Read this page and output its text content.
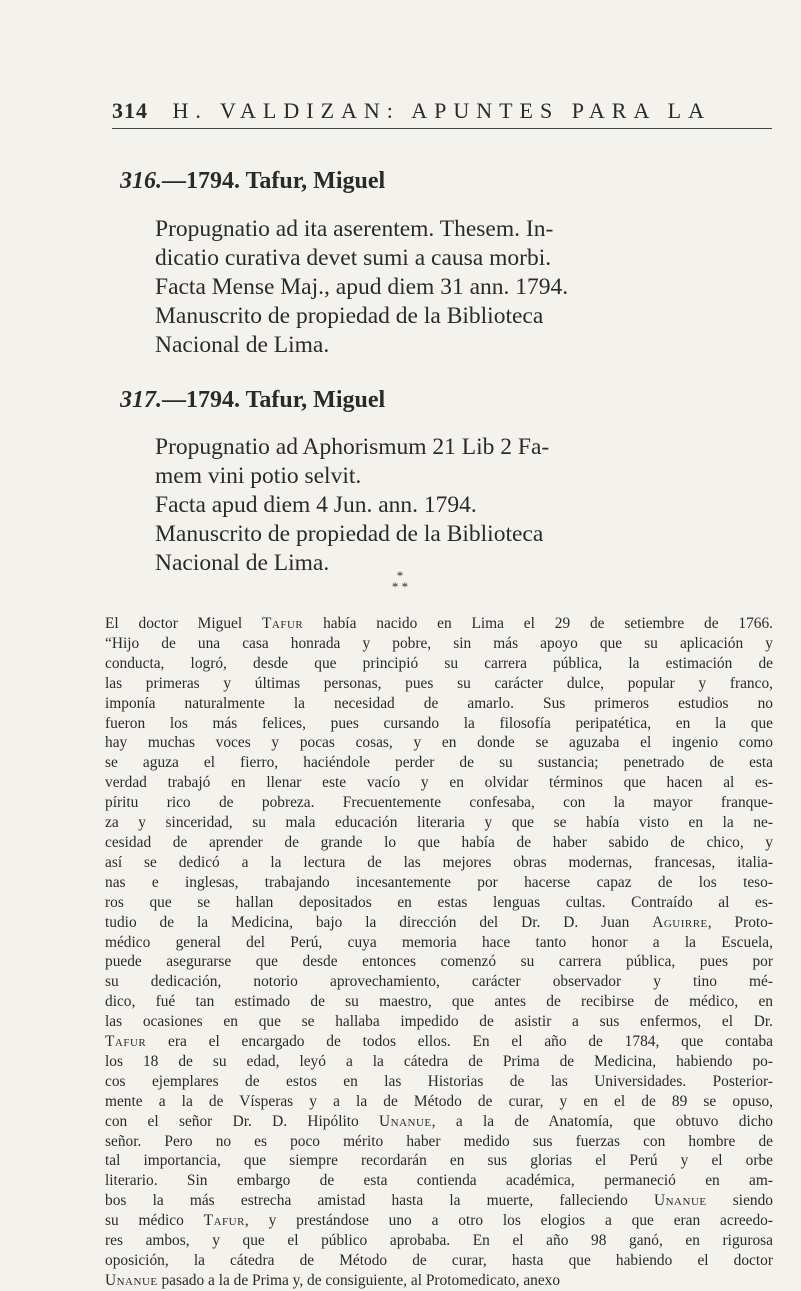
314 H. VALDIZAN: APUNTES PARA LA
316.—1794. Tafur, Miguel
Propugnatio ad ita aserentem. Thesem. In-
dicatio curativa devet sumi a causa morbi.
Facta Mense Maj., apud diem 31 ann. 1794.
Manuscrito de propiedad de la Biblioteca
Nacional de Lima.
317.—1794. Tafur, Miguel
Propugnatio ad Aphorismum 21 Lib 2 Fa-
mem vini potio selvit.
Facta apud diem 4 Jun. ann. 1794.
Manuscrito de propiedad de la Biblioteca
Nacional de Lima.	*
* *
El doctor Miguel Tafur había nacido en Lima el 29 de setiembre de 1766.
“Hijo de una casa honrada y pobre, sin más apoyo que su aplicación y
conducta, logró, desde que principió su carrera pública, la estimación de
las primeras y últimas personas, pues su carácter dulce, popular y franco,
imponía naturalmente la necesidad de amarlo. Sus primeros estudios no
fueron los más felices, pues cursando la filosofía peripatética, en la que
hay muchas voces y pocas cosas, y en donde se aguzaba el ingenio como
se aguza el fierro, haciéndole perder de su sustancia; penetrado de esta
verdad trabajó en llenar este vacío y en olvidar términos que hacen al es-
píritu rico de pobreza. Frecuentemente confesaba, con la mayor franque-
za y sinceridad, su mala educación literaria y que se había visto en la ne-
cesidad de aprender de grande lo que había de haber sabido de chico, y
así se dedicó a la lectura de las mejores obras modernas, francesas, italia-
nas e inglesas, trabajando incesantemente por hacerse capaz de los teso-
ros que se hallan depositados en estas lenguas cultas. Contraído al es-
tudio de la Medicina, bajo la dirección del Dr. D. Juan Aguirre, Proto-
médico general del Perú, cuya memoria hace tanto honor a la Escuela,
puede asegurarse que desde entonces comenzó su carrera pública, pues por
su dedicación, notorio aprovechamiento, carácter observador y tino mé-
dico, fué tan estimado de su maestro, que antes de recibirse de médico, en
las ocasiones en que se hallaba impedido de asistir a sus enfermos, el Dr.
Tafur era el encargado de todos ellos. En el año de 1784, que contaba
los 18 de su edad, leyó a la cátedra de Prima de Medicina, habiendo po-
cos ejemplares de estos en las Historias de las Universidades. Posterior-
mente a la de Vísperas y a la de Método de curar, y en el de 89 se opuso,
con el señor Dr. D. Hipólito Unanue, a la de Anatomía, que obtuvo dicho
señor. Pero no es poco mérito haber medido sus fuerzas con hombre de
tal importancia, que siempre recordarán en sus glorias el Perú y el orbe
literario. Sin embargo de esta contienda académica, permaneció en am-
bos la más estrecha amistad hasta la muerte, falleciendo Unanue siendo
su médico Tafur, y prestándose uno a otro los elogios a que eran acreedo-
res ambos, y que el público aprobaba. En el año 98 ganó, en rigurosa
oposición, la cátedra de Método de curar, hasta que habiendo el doctor
Unanue pasado a la de Prima y, de consiguiente, al Protomedicato, anexo
